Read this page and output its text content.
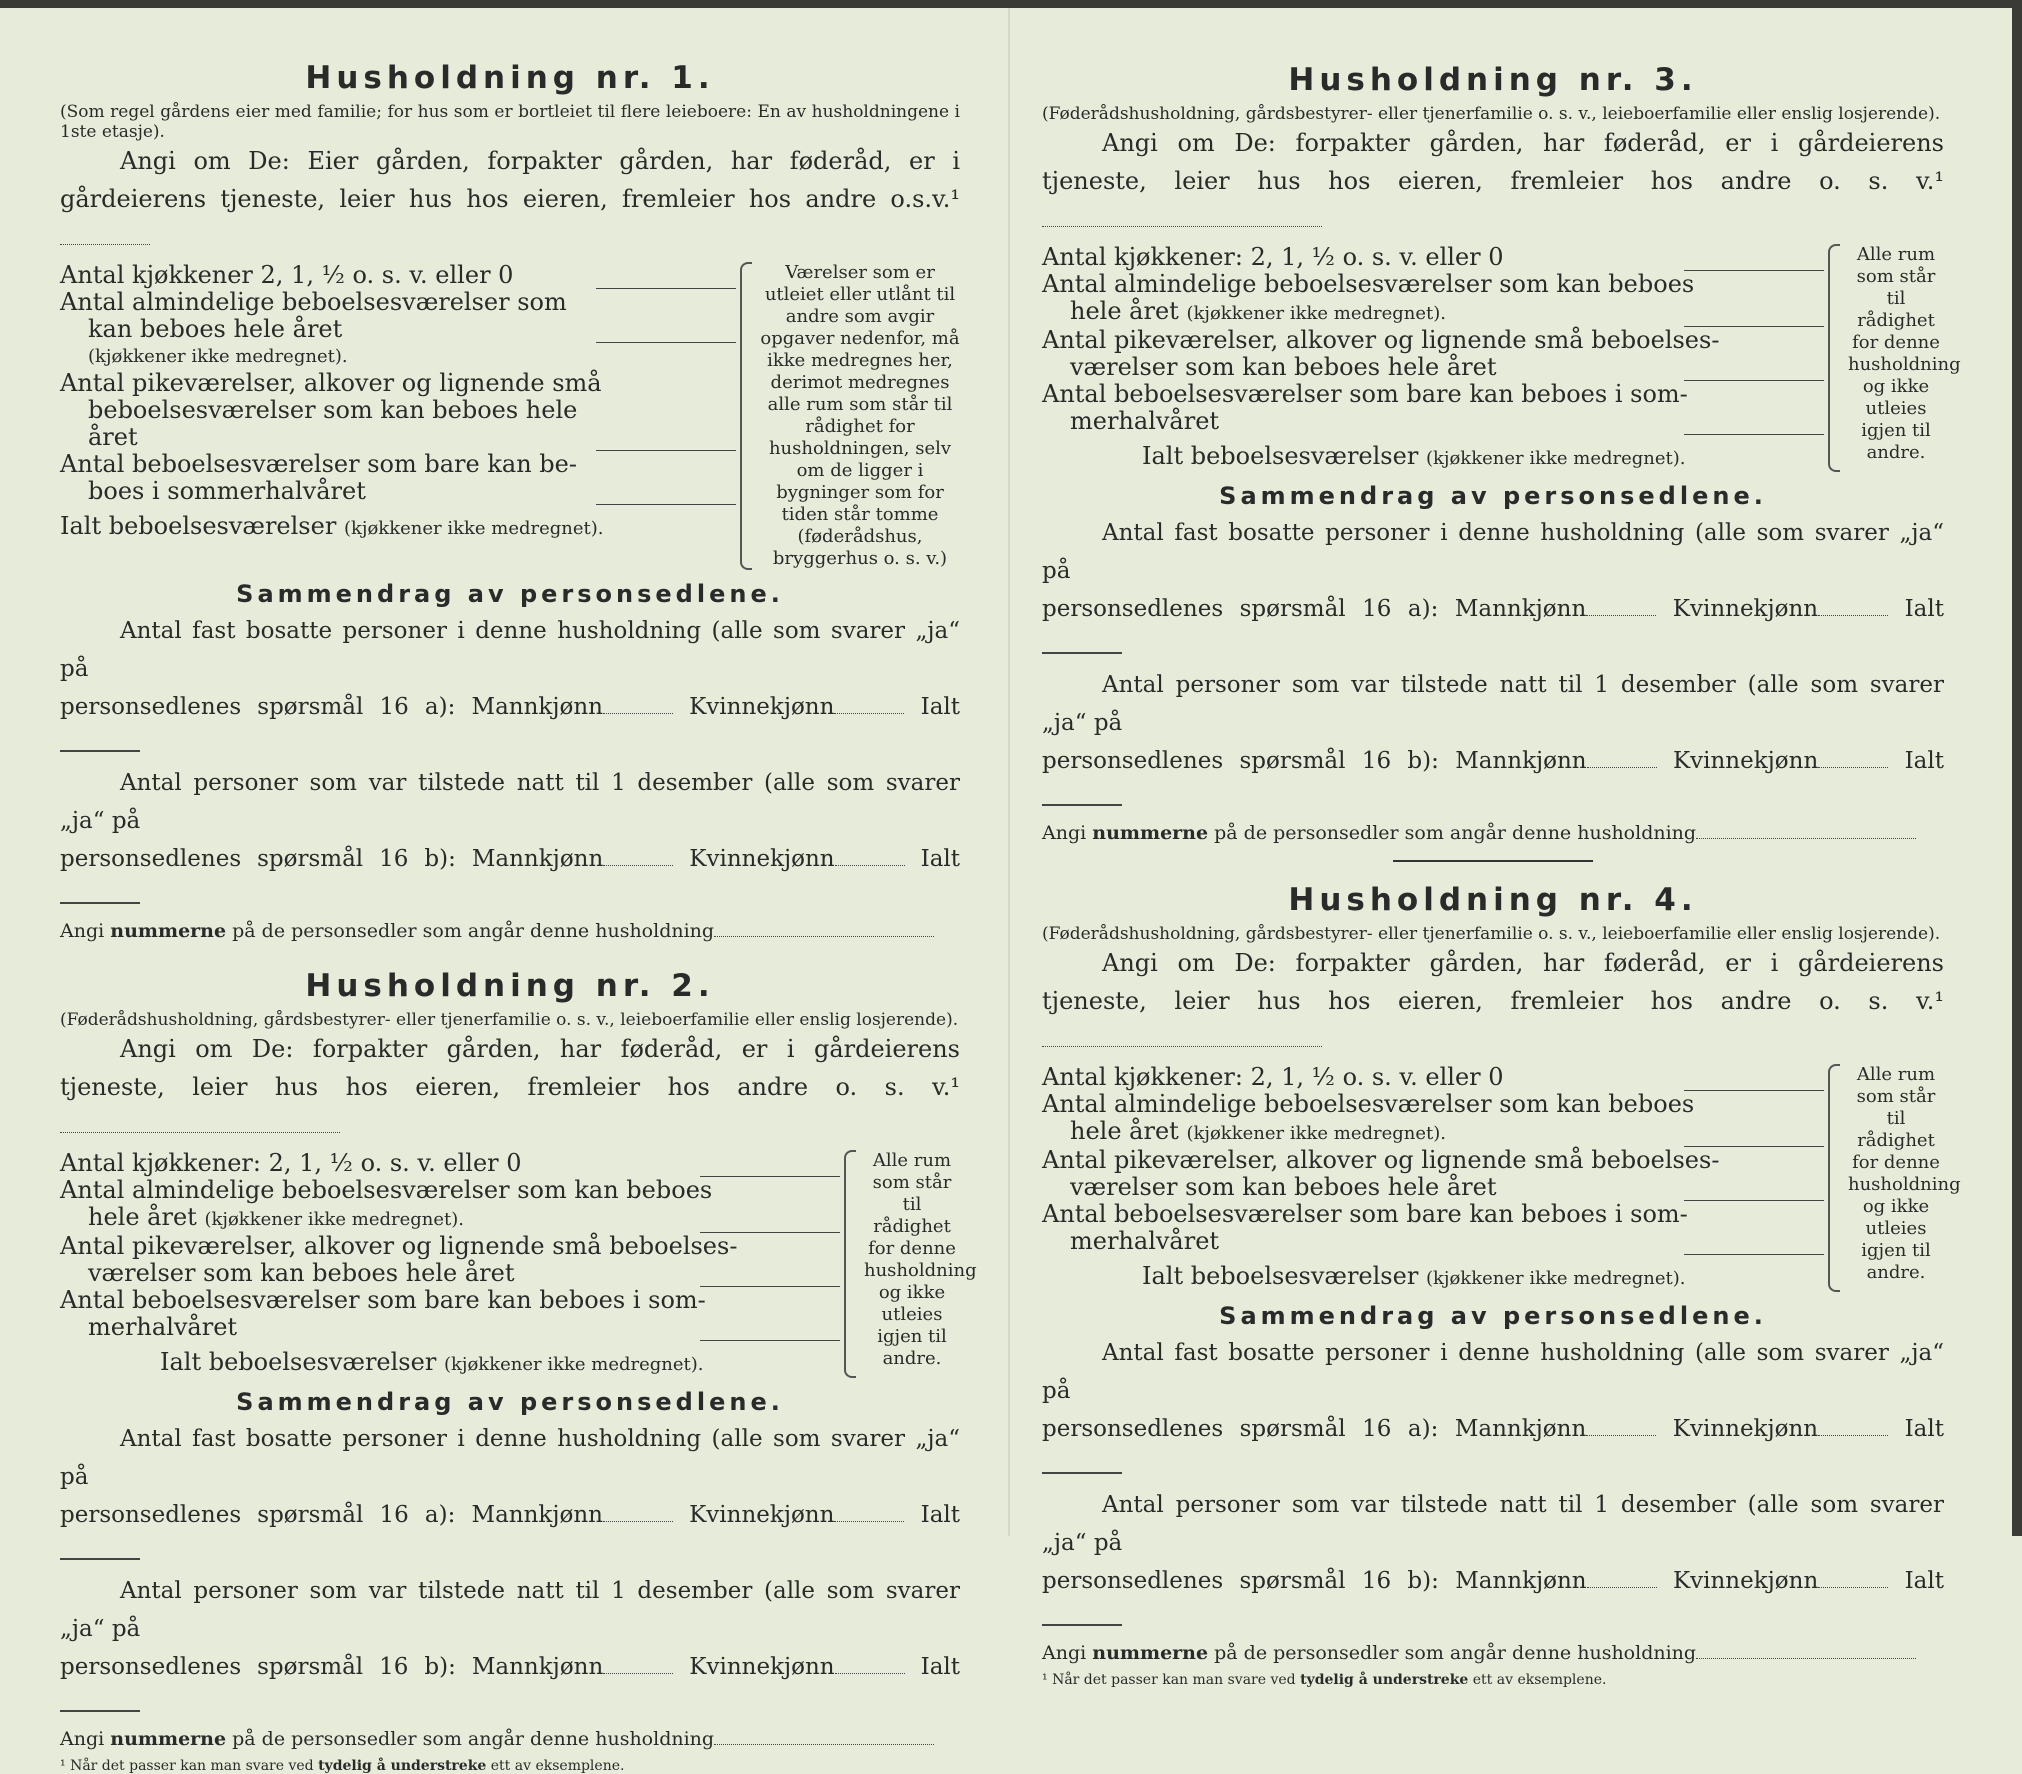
Husholdning nr. 1.
(Som regel gårdens eier med familie; for hus som er bortleiet til flere leieboere: En av husholdningene i 1ste etasje).
Angi om De: Eier gården, forpakter gården, har føderåd, er i gårdeierens tjeneste, leier hus hos eieren, fremleier hos andre o.s.v.¹
Antal kjøkkener 2, 1, ½ o. s. v. eller 0
Antal almindelige beboelsesværelser som
kan beboes hele året
(kjøkkener ikke medregnet).
Antal pikeværelser, alkover og lignende små
beboelsesværelser som kan beboes hele året
Antal beboelsesværelser som bare kan be-
boes i sommerhalvåret
Ialt beboelsesværelser (kjøkkener ikke medregnet).
Værelser som er utleiet eller utlånt til andre som avgir opgaver nedenfor, må ikke medregnes her, derimot medregnes alle rum som står til rådighet for husholdningen, selv om de ligger i bygninger som for tiden står tomme (føderådshus, bryggerhus o. s. v.)
Sammendrag av personsedlene.
Antal fast bosatte personer i denne husholdning (alle som svarer „ja“ på
personsedlenes spørsmål 16 a): Mannkjønn	Kvinnekjønn	Ialt
Antal personer som var tilstede natt til 1 desember (alle som svarer „ja“ på
personsedlenes spørsmål 16 b): Mannkjønn	Kvinnekjønn	Ialt
Angi nummerne på de personsedler som angår denne husholdning
Husholdning nr. 2.
(Føderådshusholdning, gårdsbestyrer- eller tjenerfamilie o. s. v., leieboerfamilie eller enslig losjerende).
Angi om De: forpakter gården, har føderåd, er i gårdeierens tjeneste, leier hus hos eieren, fremleier hos andre o. s. v.¹
Antal kjøkkener: 2, 1, ½ o. s. v. eller 0
Antal almindelige beboelsesværelser som kan beboes
hele året (kjøkkener ikke medregnet).
Antal pikeværelser, alkover og lignende små beboelses-
værelser som kan beboes hele året
Antal beboelsesværelser som bare kan beboes i som-
merhalvåret
Ialt beboelsesværelser (kjøkkener ikke medregnet).
Alle rum som står til rådighet for denne husholdning og ikke utleies igjen til andre.
Sammendrag av personsedlene.
Antal fast bosatte personer i denne husholdning (alle som svarer „ja“ på
personsedlenes spørsmål 16 a): Mannkjønn	Kvinnekjønn	Ialt
Antal personer som var tilstede natt til 1 desember (alle som svarer „ja“ på
personsedlenes spørsmål 16 b): Mannkjønn	Kvinnekjønn	Ialt
Angi nummerne på de personsedler som angår denne husholdning
¹ Når det passer kan man svare ved tydelig å understreke ett av eksemplene.
Husholdning nr. 3.
(Føderådshusholdning, gårdsbestyrer- eller tjenerfamilie o. s. v., leieboerfamilie eller enslig losjerende).
Angi om De: forpakter gården, har føderåd, er i gårdeierens tjeneste, leier hus hos eieren, fremleier hos andre o. s. v.¹
Antal kjøkkener: 2, 1, ½ o. s. v. eller 0
Antal almindelige beboelsesværelser som kan beboes
hele året (kjøkkener ikke medregnet).
Antal pikeværelser, alkover og lignende små beboelses-
værelser som kan beboes hele året
Antal beboelsesværelser som bare kan beboes i som-
merhalvåret
Ialt beboelsesværelser (kjøkkener ikke medregnet).
Alle rum som står til rådighet for denne husholdning og ikke utleies igjen til andre.
Sammendrag av personsedlene.
Antal fast bosatte personer i denne husholdning (alle som svarer „ja“ på
personsedlenes spørsmål 16 a): Mannkjønn	Kvinnekjønn	Ialt
Antal personer som var tilstede natt til 1 desember (alle som svarer „ja“ på
personsedlenes spørsmål 16 b): Mannkjønn	Kvinnekjønn	Ialt
Angi nummerne på de personsedler som angår denne husholdning
Husholdning nr. 4.
(Føderådshusholdning, gårdsbestyrer- eller tjenerfamilie o. s. v., leieboerfamilie eller enslig losjerende).
Angi om De: forpakter gården, har føderåd, er i gårdeierens tjeneste, leier hus hos eieren, fremleier hos andre o. s. v.¹
Antal kjøkkener: 2, 1, ½ o. s. v. eller 0
Antal almindelige beboelsesværelser som kan beboes
hele året (kjøkkener ikke medregnet).
Antal pikeværelser, alkover og lignende små beboelses-
værelser som kan beboes hele året
Antal beboelsesværelser som bare kan beboes i som-
merhalvåret
Ialt beboelsesværelser (kjøkkener ikke medregnet).
Alle rum som står til rådighet for denne husholdning og ikke utleies igjen til andre.
Sammendrag av personsedlene.
Antal fast bosatte personer i denne husholdning (alle som svarer „ja“ på
personsedlenes spørsmål 16 a): Mannkjønn	Kvinnekjønn	Ialt
Antal personer som var tilstede natt til 1 desember (alle som svarer „ja“ på
personsedlenes spørsmål 16 b): Mannkjønn	Kvinnekjønn	Ialt
Angi nummerne på de personsedler som angår denne husholdning
¹ Når det passer kan man svare ved tydelig å understreke ett av eksemplene.
